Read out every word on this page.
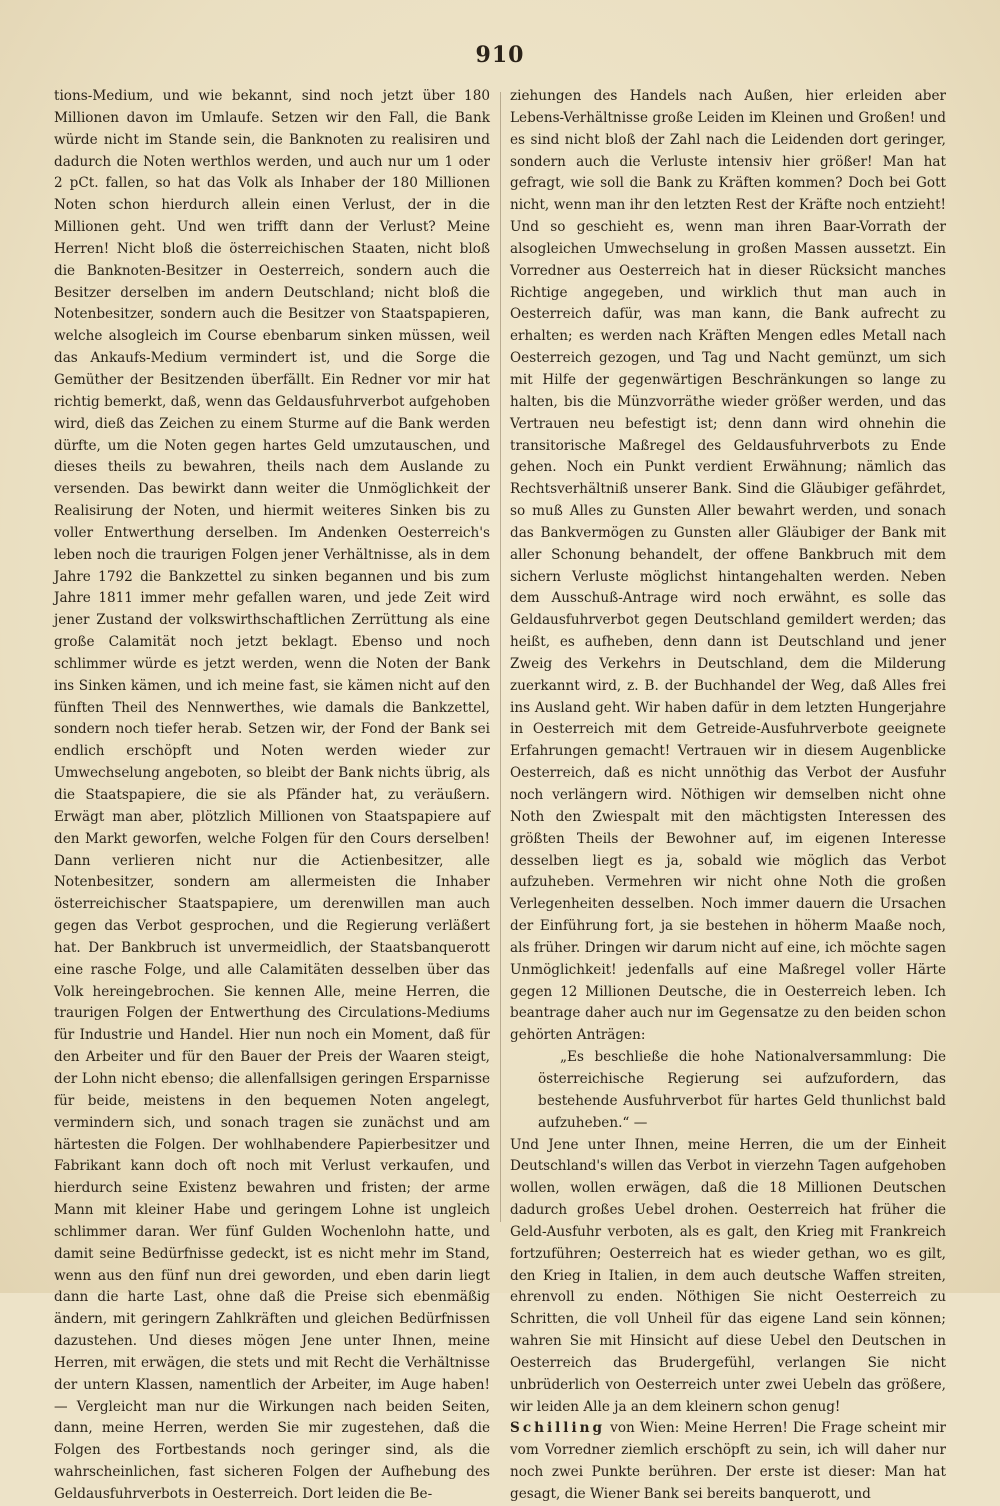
910

tions-Medium, und wie bekannt, sind noch jetzt über 180 Millionen davon im Umlaufe. Setzen wir den Fall, die Bank würde nicht im Stande sein, die Banknoten zu realisiren und dadurch die Noten werthlos werden, und auch nur um 1 oder 2 pCt. fallen, so hat das Volk als Inhaber der 180 Millionen Noten schon hierdurch allein einen Verlust, der in die Millionen geht. Und wen trifft dann der Verlust? Meine Herren! Nicht bloß die österreichischen Staaten, nicht bloß die Banknoten-Besitzer in Oesterreich, sondern auch die Besitzer derselben im andern Deutschland; nicht bloß die Notenbesitzer, sondern auch die Besitzer von Staatspapieren, welche alsogleich im Course ebenbarum sinken müssen, weil das Ankaufs-Medium vermindert ist, und die Sorge die Gemüther der Besitzenden überfällt. Ein Redner vor mir hat richtig bemerkt, daß, wenn das Geldausfuhrverbot aufgehoben wird, dieß das Zeichen zu einem Sturme auf die Bank werden dürfte, um die Noten gegen hartes Geld umzutauschen, und dieses theils zu bewahren, theils nach dem Auslande zu versenden. Das bewirkt dann weiter die Unmöglichkeit der Realisirung der Noten, und hiermit weiteres Sinken bis zu voller Entwerthung derselben. Im Andenken Oesterreich's leben noch die traurigen Folgen jener Verhältnisse, als in dem Jahre 1792 die Bankzettel zu sinken begannen und bis zum Jahre 1811 immer mehr gefallen waren, und jede Zeit wird jener Zustand der volkswirthschaftlichen Zerrüttung als eine große Calamität noch jetzt beklagt. Ebenso und noch schlimmer würde es jetzt werden, wenn die Noten der Bank ins Sinken kämen, und ich meine fast, sie kämen nicht auf den fünften Theil des Nennwerthes, wie damals die Bankzettel, sondern noch tiefer herab. Setzen wir, der Fond der Bank sei endlich erschöpft und Noten werden wieder zur Umwechselung angeboten, so bleibt der Bank nichts übrig, als die Staatspapiere, die sie als Pfänder hat, zu veräußern. Erwägt man aber, plötzlich Millionen von Staatspapiere auf den Markt geworfen, welche Folgen für den Cours derselben! Dann verlieren nicht nur die Actienbesitzer, alle Notenbesitzer, sondern am allermeisten die Inhaber österreichischer Staatspapiere, um derenwillen man auch gegen das Verbot gesprochen, und die Regierung verläßert hat. Der Bankbruch ist unvermeidlich, der Staatsbanquerott eine rasche Folge, und alle Calamitäten desselben über das Volk hereingebrochen. Sie kennen Alle, meine Herren, die traurigen Folgen der Entwerthung des Circulations-Mediums für Industrie und Handel. Hier nun noch ein Moment, daß für den Arbeiter und für den Bauer der Preis der Waaren steigt, der Lohn nicht ebenso; die allenfallsigen geringen Ersparnisse für beide, meistens in den bequemen Noten angelegt, vermindern sich, und sonach tragen sie zunächst und am härtesten die Folgen. Der wohlhabendere Papierbesitzer und Fabrikant kann doch oft noch mit Verlust verkaufen, und hierdurch seine Existenz bewahren und fristen; der arme Mann mit kleiner Habe und geringem Lohne ist ungleich schlimmer daran. Wer fünf Gulden Wochenlohn hatte, und damit seine Bedürfnisse gedeckt, ist es nicht mehr im Stand, wenn aus den fünf nun drei geworden, und eben darin liegt dann die harte Last, ohne daß die Preise sich ebenmäßig ändern, mit geringern Zahlkräften und gleichen Bedürfnissen dazustehen. Und dieses mögen Jene unter Ihnen, meine Herren, mit erwägen, die stets und mit Recht die Verhältnisse der untern Klassen, namentlich der Arbeiter, im Auge haben! — Vergleicht man nur die Wirkungen nach beiden Seiten, dann, meine Herren, werden Sie mir zugestehen, daß die Folgen des Fortbestands noch geringer sind, als die wahrscheinlichen, fast sicheren Folgen der Aufhebung des Geldausfuhrverbots in Oesterreich. Dort leiden die Be-

ziehungen des Handels nach Außen, hier erleiden aber Lebens-Verhältnisse große Leiden im Kleinen und Großen! und es sind nicht bloß der Zahl nach die Leidenden dort geringer, sondern auch die Verluste intensiv hier größer! Man hat gefragt, wie soll die Bank zu Kräften kommen? Doch bei Gott nicht, wenn man ihr den letzten Rest der Kräfte noch entzieht! Und so geschieht es, wenn man ihren Baar-Vorrath der alsogleichen Umwechselung in großen Massen aussetzt. Ein Vorredner aus Oesterreich hat in dieser Rücksicht manches Richtige angegeben, und wirklich thut man auch in Oesterreich dafür, was man kann, die Bank aufrecht zu erhalten; es werden nach Kräften Mengen edles Metall nach Oesterreich gezogen, und Tag und Nacht gemünzt, um sich mit Hilfe der gegenwärtigen Beschränkungen so lange zu halten, bis die Münzvorräthe wieder größer werden, und das Vertrauen neu befestigt ist; denn dann wird ohnehin die transitorische Maßregel des Geldausfuhrverbots zu Ende gehen. Noch ein Punkt verdient Erwähnung; nämlich das Rechtsverhältniß unserer Bank. Sind die Gläubiger gefährdet, so muß Alles zu Gunsten Aller bewahrt werden, und sonach das Bankvermögen zu Gunsten aller Gläubiger der Bank mit aller Schonung behandelt, der offene Bankbruch mit dem sichern Verluste möglichst hintangehalten werden. Neben dem Ausschuß-Antrage wird noch erwähnt, es solle das Geldausfuhrverbot gegen Deutschland gemildert werden; das heißt, es aufheben, denn dann ist Deutschland und jener Zweig des Verkehrs in Deutschland, dem die Milderung zuerkannt wird, z. B. der Buchhandel der Weg, daß Alles frei ins Ausland geht. Wir haben dafür in dem letzten Hungerjahre in Oesterreich mit dem Getreide-Ausfuhrverbote geeignete Erfahrungen gemacht! Vertrauen wir in diesem Augenblicke Oesterreich, daß es nicht unnöthig das Verbot der Ausfuhr noch verlängern wird. Nöthigen wir demselben nicht ohne Noth den Zwiespalt mit den mächtigsten Interessen des größten Theils der Bewohner auf, im eigenen Interesse desselben liegt es ja, sobald wie möglich das Verbot aufzuheben. Vermehren wir nicht ohne Noth die großen Verlegenheiten desselben. Noch immer dauern die Ursachen der Einführung fort, ja sie bestehen in höherm Maaße noch, als früher. Dringen wir darum nicht auf eine, ich möchte sagen Unmöglichkeit! jedenfalls auf eine Maßregel voller Härte gegen 12 Millionen Deutsche, die in Oesterreich leben. Ich beantrage daher auch nur im Gegensatze zu den beiden schon gehörten Anträgen:

„Es beschließe die hohe Nationalversammlung: Die österreichische Regierung sei aufzufordern, das bestehende Ausfuhrverbot für hartes Geld thunlichst bald aufzuheben.“ —

Und Jene unter Ihnen, meine Herren, die um der Einheit Deutschland's willen das Verbot in vierzehn Tagen aufgehoben wollen, wollen erwägen, daß die 18 Millionen Deutschen dadurch großes Uebel drohen. Oesterreich hat früher die Geld-Ausfuhr verboten, als es galt, den Krieg mit Frankreich fortzuführen; Oesterreich hat es wieder gethan, wo es gilt, den Krieg in Italien, in dem auch deutsche Waffen streiten, ehrenvoll zu enden. Nöthigen Sie nicht Oesterreich zu Schritten, die voll Unheil für das eigene Land sein können; wahren Sie mit Hinsicht auf diese Uebel den Deutschen in Oesterreich das Brudergefühl, verlangen Sie nicht unbrüderlich von Oesterreich unter zwei Uebeln das größere, wir leiden Alle ja an dem kleinern schon genug!

Schilling von Wien: Meine Herren! Die Frage scheint mir vom Vorredner ziemlich erschöpft zu sein, ich will daher nur noch zwei Punkte berühren. Der erste ist dieser: Man hat gesagt, die Wiener Bank sei bereits banquerott, und
